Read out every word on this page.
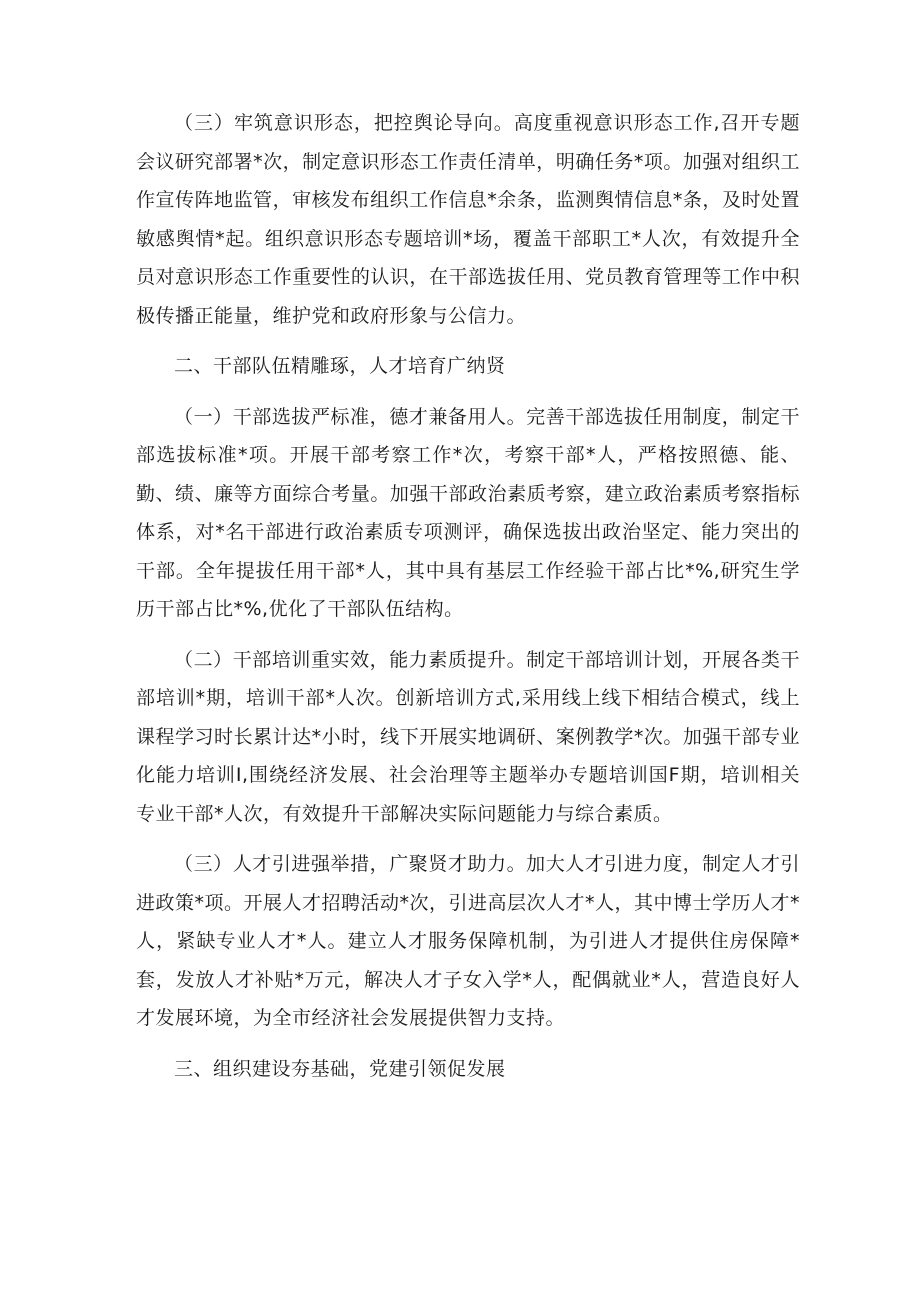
（三）牢筑意识形态，把控舆论导向。高度重视意识形态工作,召开专题会议研究部署*次，制定意识形态工作责任清单，明确任务*项。加强对组织工作宣传阵地监管，审核发布组织工作信息*余条，监测舆情信息*条，及时处置敏感舆情*起。组织意识形态专题培训*场，覆盖干部职工*人次，有效提升全员对意识形态工作重要性的认识，在干部选拔任用、党员教育管理等工作中积极传播正能量，维护党和政府形象与公信力。

二、干部队伍精雕琢，人才培育广纳贤

（一）干部选拔严标准，德才兼备用人。完善干部选拔任用制度，制定干部选拔标准*项。开展干部考察工作*次，考察干部*人，严格按照德、能、勤、绩、廉等方面综合考量。加强干部政治素质考察，建立政治素质考察指标体系，对*名干部进行政治素质专项测评，确保选拔出政治坚定、能力突出的干部。全年提拔任用干部*人，其中具有基层工作经验干部占比*%,研究生学历干部占比*%,优化了干部队伍结构。

（二）干部培训重实效，能力素质提升。制定干部培训计划，开展各类干部培训*期，培训干部*人次。创新培训方式,采用线上线下相结合模式，线上课程学习时长累计达*小时，线下开展实地调研、案例教学*次。加强干部专业化能力培训I,围绕经济发展、社会治理等主题举办专题培训国F期，培训相关专业干部*人次，有效提升干部解决实际问题能力与综合素质。

（三）人才引进强举措，广聚贤才助力。加大人才引进力度，制定人才引进政策*项。开展人才招聘活动*次，引进高层次人才*人，其中博士学历人才*人，紧缺专业人才*人。建立人才服务保障机制，为引进人才提供住房保障*套，发放人才补贴*万元，解决人才子女入学*人，配偶就业*人，营造良好人才发展环境，为全市经济社会发展提供智力支持。

三、组织建设夯基础，党建引领促发展
